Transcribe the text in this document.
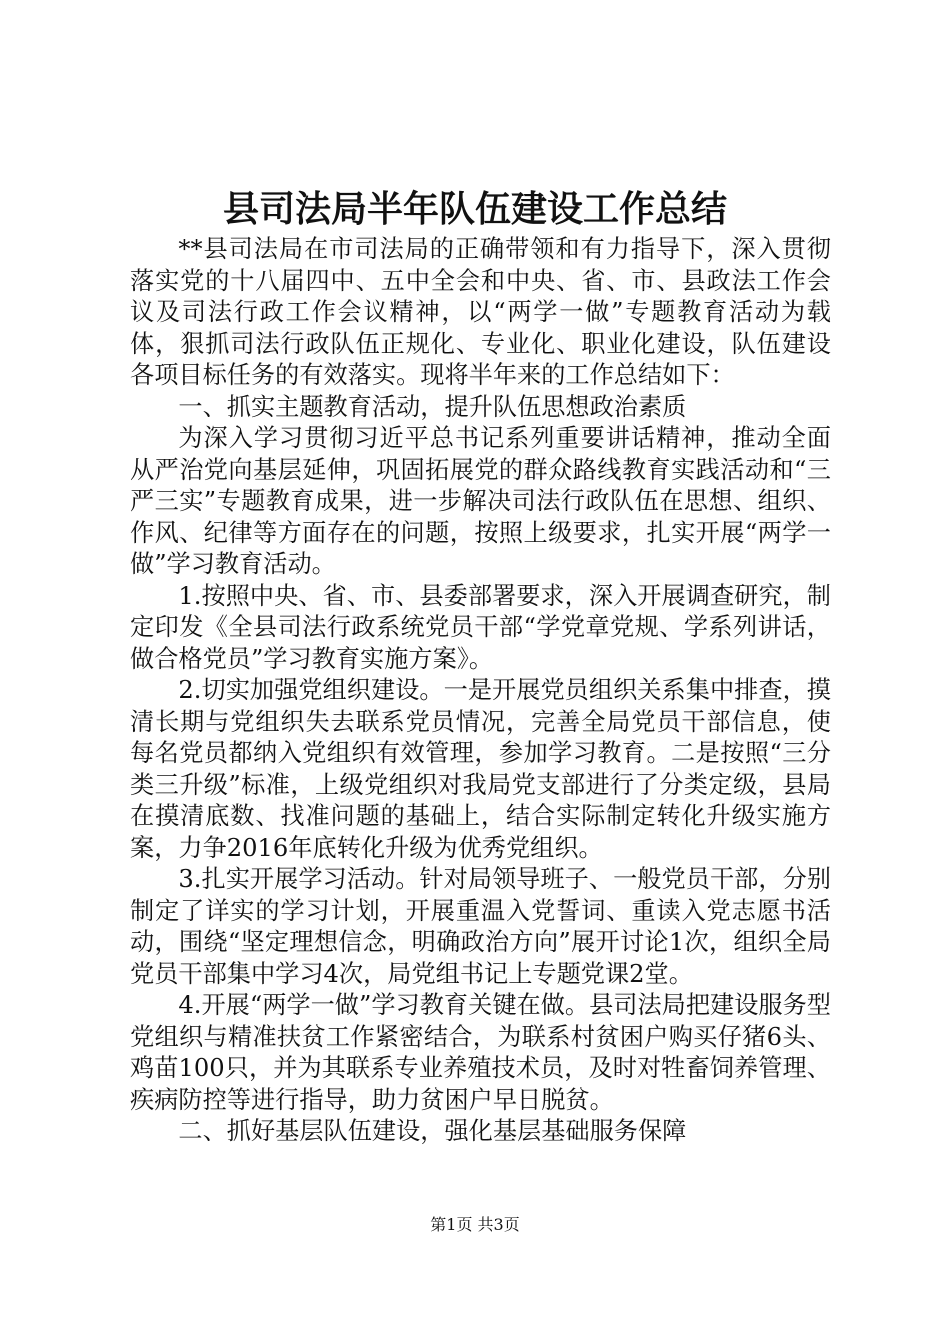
县司法局半年队伍建设工作总结

**县司法局在市司法局的正确带领和有力指导下，深入贯彻落实党的十八届四中、五中全会和中央、省、市、县政法工作会议及司法行政工作会议精神，以“两学一做”专题教育活动为载体，狠抓司法行政队伍正规化、专业化、职业化建设，队伍建设各项目标任务的有效落实。现将半年来的工作总结如下：

一、抓实主题教育活动，提升队伍思想政治素质

为深入学习贯彻习近平总书记系列重要讲话精神，推动全面从严治党向基层延伸，巩固拓展党的群众路线教育实践活动和“三严三实”专题教育成果，进一步解决司法行政队伍在思想、组织、作风、纪律等方面存在的问题，按照上级要求，扎实开展“两学一做”学习教育活动。

1.按照中央、省、市、县委部署要求，深入开展调查研究，制定印发《全县司法行政系统党员干部“学党章党规、学系列讲话，做合格党员”学习教育实施方案》。

2.切实加强党组织建设。一是开展党员组织关系集中排查，摸清长期与党组织失去联系党员情况，完善全局党员干部信息，使每名党员都纳入党组织有效管理，参加学习教育。二是按照“三分类三升级”标准，上级党组织对我局党支部进行了分类定级，县局在摸清底数、找准问题的基础上，结合实际制定转化升级实施方案，力争2016年底转化升级为优秀党组织。

3.扎实开展学习活动。针对局领导班子、一般党员干部，分别制定了详实的学习计划，开展重温入党誓词、重读入党志愿书活动，围绕“坚定理想信念，明确政治方向”展开讨论1次，组织全局党员干部集中学习4次，局党组书记上专题党课2堂。

4.开展“两学一做”学习教育关键在做。县司法局把建设服务型党组织与精准扶贫工作紧密结合，为联系村贫困户购买仔猪6头、鸡苗100只，并为其联系专业养殖技术员，及时对牲畜饲养管理、疾病防控等进行指导，助力贫困户早日脱贫。

二、抓好基层队伍建设，强化基层基础服务保障

第1页 共3页
